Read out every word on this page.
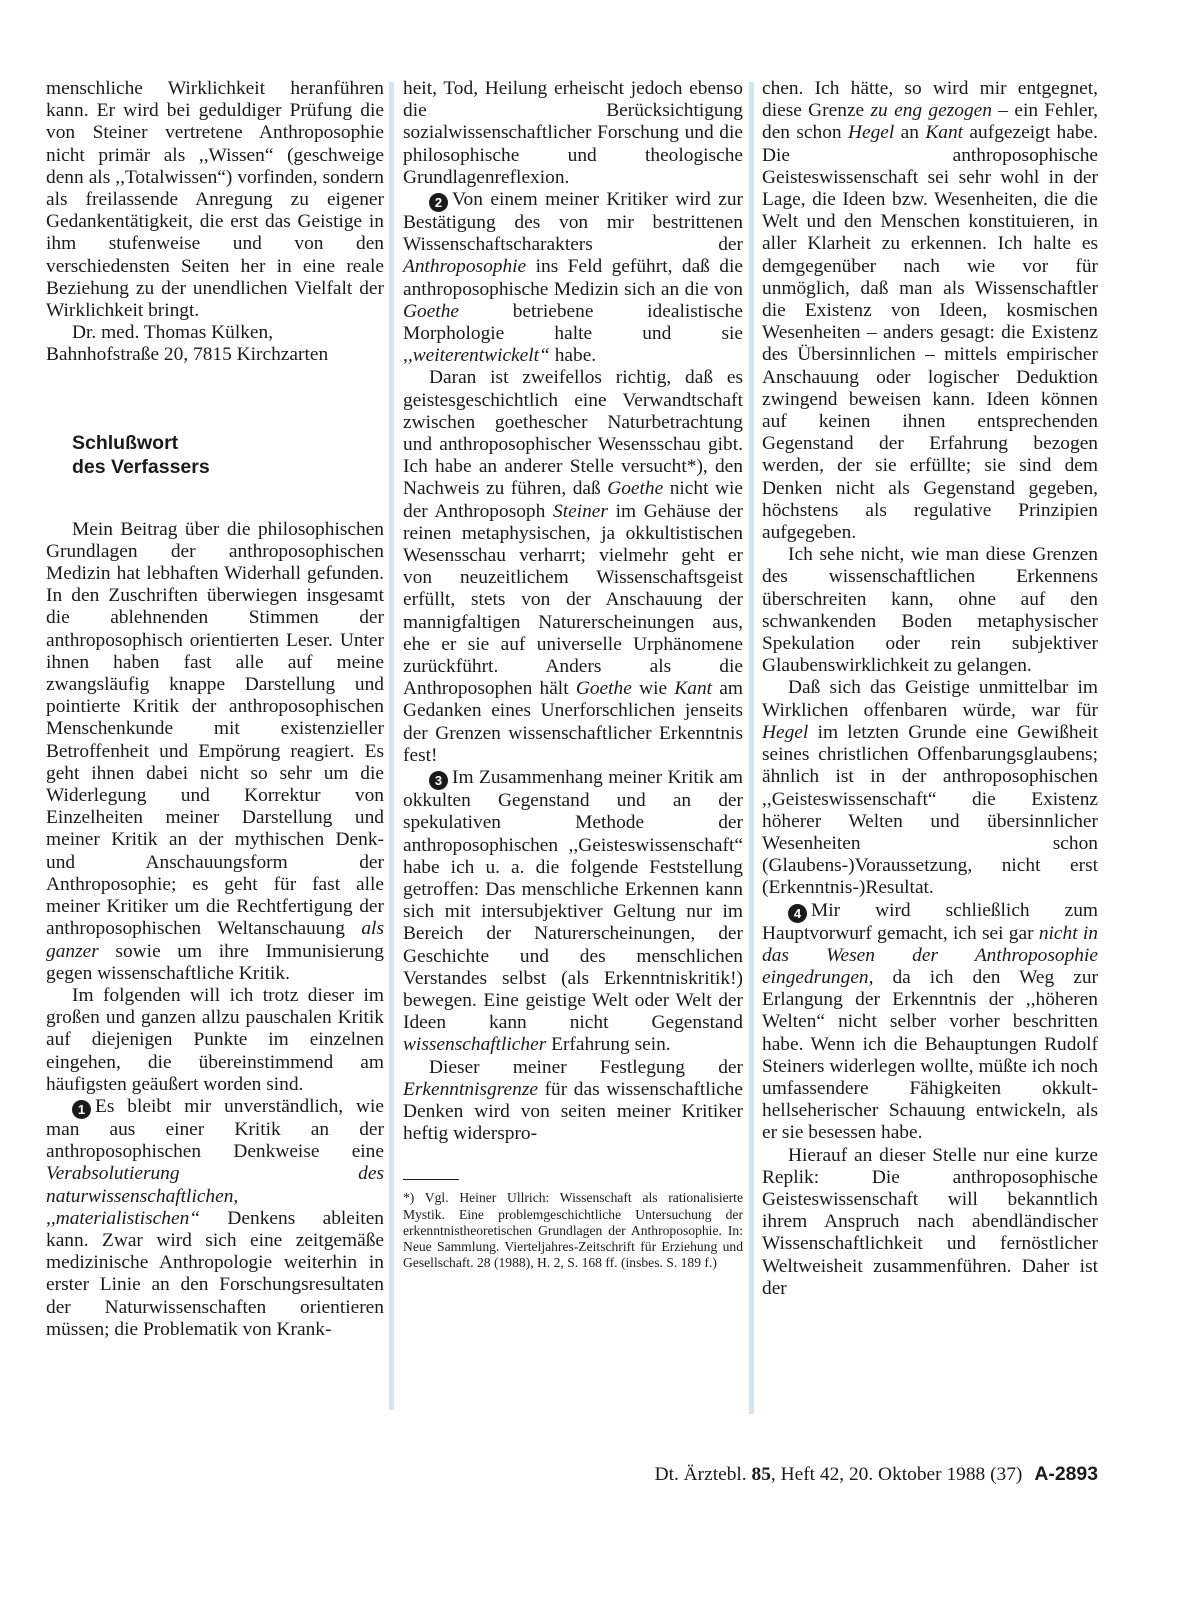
menschliche Wirklichkeit heranführen kann. Er wird bei geduldiger Prüfung die von Steiner vertretene Anthroposophie nicht primär als ,,Wissen“ (geschweige denn als ,,Totalwissen“) vorfinden, sondern als freilassende Anregung zu eigener Gedankentätigkeit, die erst das Geistige in ihm stufenweise und von den verschiedensten Seiten her in eine reale Beziehung zu der unendlichen Vielfalt der Wirklichkeit bringt.

Dr. med. Thomas Külken,

Bahnhofstraße 20, 7815 Kirchzarten

Schlußwort
des Verfassers

Mein Beitrag über die philosophischen Grundlagen der anthroposophischen Medizin hat lebhaften Widerhall gefunden. In den Zuschriften überwiegen insgesamt die ablehnenden Stimmen der anthroposophisch orientierten Leser. Unter ihnen haben fast alle auf meine zwangsläufig knappe Darstellung und pointierte Kritik der anthroposophischen Menschenkunde mit existenzieller Betroffenheit und Empörung reagiert. Es geht ihnen dabei nicht so sehr um die Widerlegung und Korrektur von Einzelheiten meiner Darstellung und meiner Kritik an der mythischen Denk- und Anschauungsform der Anthroposophie; es geht für fast alle meiner Kritiker um die Rechtfertigung der anthroposophischen Weltanschauung als ganzer sowie um ihre Immunisierung gegen wissenschaftliche Kritik.

Im folgenden will ich trotz dieser im großen und ganzen allzu pauschalen Kritik auf diejenigen Punkte im einzelnen eingehen, die übereinstimmend am häufigsten geäußert worden sind.

1 Es bleibt mir unverständlich, wie man aus einer Kritik an der anthroposophischen Denkweise eine Verabsolutierung des naturwissenschaftlichen, ,,materialistischen“ Denkens ableiten kann. Zwar wird sich eine zeitgemäße medizinische Anthropologie weiterhin in erster Linie an den Forschungsresultaten der Naturwissenschaften orientieren müssen; die Problematik von Krank-

heit, Tod, Heilung erheischt jedoch ebenso die Berücksichtigung sozialwissenschaftlicher Forschung und die philosophische und theologische Grundlagenreflexion.

2 Von einem meiner Kritiker wird zur Bestätigung des von mir bestrittenen Wissenschaftscharakters der Anthroposophie ins Feld geführt, daß die anthroposophische Medizin sich an die von Goethe betriebene idealistische Morphologie halte und sie ,,weiterentwickelt“ habe.

Daran ist zweifellos richtig, daß es geistesgeschichtlich eine Verwandtschaft zwischen goethescher Naturbetrachtung und anthroposophischer Wesensschau gibt. Ich habe an anderer Stelle versucht*), den Nachweis zu führen, daß Goethe nicht wie der Anthroposoph Steiner im Gehäuse der reinen metaphysischen, ja okkultistischen Wesensschau verharrt; vielmehr geht er von neuzeitlichem Wissenschaftsgeist erfüllt, stets von der Anschauung der mannigfaltigen Naturerscheinungen aus, ehe er sie auf universelle Urphänomene zurückführt. Anders als die Anthroposophen hält Goethe wie Kant am Gedanken eines Unerforschlichen jenseits der Grenzen wissenschaftlicher Erkenntnis fest!

3 Im Zusammenhang meiner Kritik am okkulten Gegenstand und an der spekulativen Methode der anthroposophischen ,,Geisteswissenschaft“ habe ich u. a. die folgende Feststellung getroffen: Das menschliche Erkennen kann sich mit intersubjektiver Geltung nur im Bereich der Naturerscheinungen, der Geschichte und des menschlichen Verstandes selbst (als Erkenntniskritik!) bewegen. Eine geistige Welt oder Welt der Ideen kann nicht Gegenstand wissenschaftlicher Erfahrung sein.

Dieser meiner Festlegung der Erkenntnisgrenze für das wissenschaftliche Denken wird von seiten meiner Kritiker heftig widerspro-

*) Vgl. Heiner Ullrich: Wissenschaft als rationalisierte Mystik. Eine problemgeschichtliche Untersuchung der erkenntnistheoretischen Grundlagen der Anthroposophie. In: Neue Sammlung. Vierteljahres-Zeitschrift für Erziehung und Gesellschaft. 28 (1988), H. 2, S. 168 ff. (insbes. S. 189 f.)

chen. Ich hätte, so wird mir entgegnet, diese Grenze zu eng gezogen – ein Fehler, den schon Hegel an Kant aufgezeigt habe. Die anthroposophische Geisteswissenschaft sei sehr wohl in der Lage, die Ideen bzw. Wesenheiten, die die Welt und den Menschen konstituieren, in aller Klarheit zu erkennen. Ich halte es demgegenüber nach wie vor für unmöglich, daß man als Wissenschaftler die Existenz von Ideen, kosmischen Wesenheiten – anders gesagt: die Existenz des Übersinnlichen – mittels empirischer Anschauung oder logischer Deduktion zwingend beweisen kann. Ideen können auf keinen ihnen entsprechenden Gegenstand der Erfahrung bezogen werden, der sie erfüllte; sie sind dem Denken nicht als Gegenstand gegeben, höchstens als regulative Prinzipien aufgegeben.

Ich sehe nicht, wie man diese Grenzen des wissenschaftlichen Erkennens überschreiten kann, ohne auf den schwankenden Boden metaphysischer Spekulation oder rein subjektiver Glaubenswirklichkeit zu gelangen.

Daß sich das Geistige unmittelbar im Wirklichen offenbaren würde, war für Hegel im letzten Grunde eine Gewißheit seines christlichen Offenbarungsglaubens; ähnlich ist in der anthroposophischen ,,Geisteswissenschaft“ die Existenz höherer Welten und übersinnlicher Wesenheiten schon (Glaubens-)Voraussetzung, nicht erst (Erkenntnis-)Resultat.

4 Mir wird schließlich zum Hauptvorwurf gemacht, ich sei gar nicht in das Wesen der Anthroposophie eingedrungen, da ich den Weg zur Erlangung der Erkenntnis der ,,höheren Welten“ nicht selber vorher beschritten habe. Wenn ich die Behauptungen Rudolf Steiners widerlegen wollte, müßte ich noch umfassendere Fähigkeiten okkult-hellseherischer Schauung entwickeln, als er sie besessen habe.

Hierauf an dieser Stelle nur eine kurze Replik: Die anthroposophische Geisteswissenschaft will bekanntlich ihrem Anspruch nach abendländischer Wissenschaftlichkeit und fernöstlicher Weltweisheit zusammenführen. Daher ist der

Dt. Ärztebl. 85, Heft 42, 20. Oktober 1988 (37) A-2893
